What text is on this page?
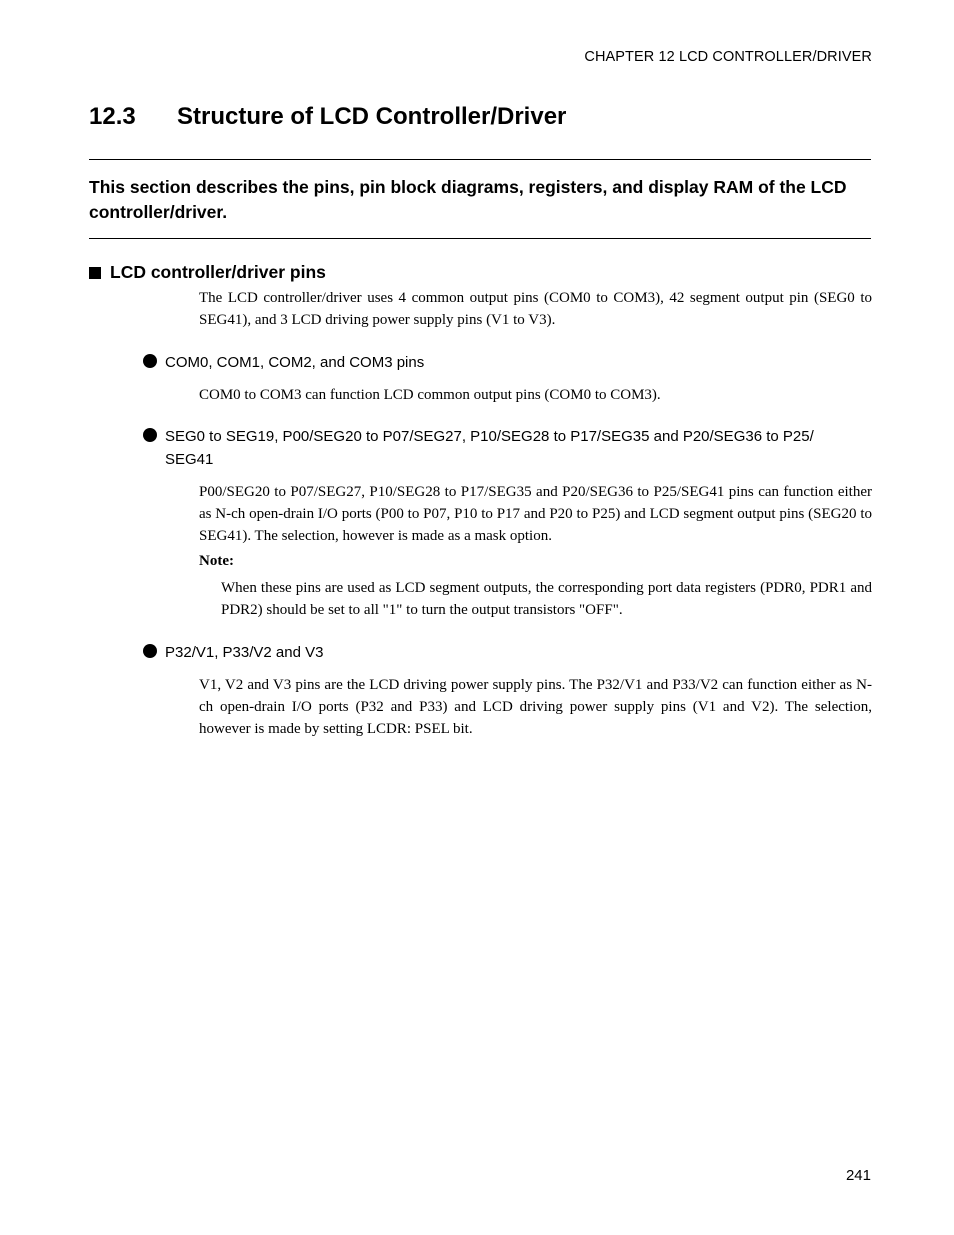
CHAPTER 12 LCD CONTROLLER/DRIVER
12.3 Structure of LCD Controller/Driver

This section describes the pins, pin block diagrams, registers, and display RAM of the LCD controller/driver.

LCD controller/driver pins

The LCD controller/driver uses 4 common output pins (COM0 to COM3), 42 segment output pin (SEG0 to SEG41), and 3 LCD driving power supply pins (V1 to V3).

COM0, COM1, COM2, and COM3 pins

COM0 to COM3 can function LCD common output pins (COM0 to COM3).

SEG0 to SEG19, P00/SEG20 to P07/SEG27, P10/SEG28 to P17/SEG35 and P20/SEG36 to P25/ SEG41

P00/SEG20 to P07/SEG27, P10/SEG28 to P17/SEG35 and P20/SEG36 to P25/SEG41 pins can function either as N-ch open-drain I/O ports (P00 to P07, P10 to P17 and P20 to P25) and LCD segment output pins (SEG20 to SEG41). The selection, however is made as a mask option.

Note:

When these pins are used as LCD segment outputs, the corresponding port data registers (PDR0, PDR1 and PDR2) should be set to all "1" to turn the output transistors "OFF".

P32/V1, P33/V2 and V3

V1, V2 and V3 pins are the LCD driving power supply pins. The P32/V1 and P33/V2 can function either as N-ch open-drain I/O ports (P32 and P33) and LCD driving power supply pins (V1 and V2). The selection, however is made by setting LCDR: PSEL bit.

241
